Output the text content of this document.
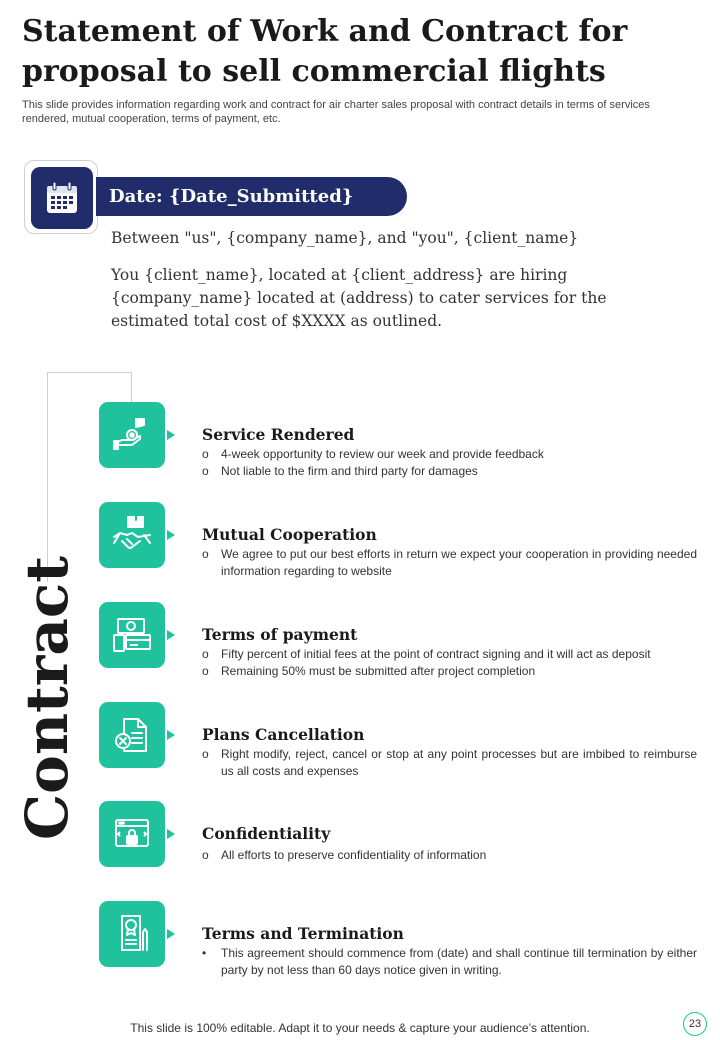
Statement of Work and Contract for proposal to sell commercial flights
This slide provides information regarding work and contract for air charter sales proposal with contract details in terms of services rendered, mutual cooperation, terms of payment, etc.
Date: {Date_Submitted}
Between "us", {company_name}, and "you", {client_name}
You {client_name}, located at {client_address} are hiring {company_name} located at (address) to cater services for the estimated total cost of $XXXX as outlined.
Contract
Service Rendered
o 4-week opportunity to review our week and provide feedback
o Not liable to the firm and third party for damages
Mutual Cooperation
o We agree to put our best efforts in return we expect your cooperation in providing needed information regarding to website
Terms of payment
o Fifty percent of initial fees at the point of contract signing and it will act as deposit
o Remaining 50% must be submitted after project completion
Plans Cancellation
o Right modify, reject, cancel or stop at any point processes but are imbibed to reimburse us all costs and expenses
Confidentiality
o All efforts to preserve confidentiality of information
Terms and Termination
• This agreement should commence from (date) and shall continue till termination by either party by not less than 60 days notice given in writing.
This slide is 100% editable. Adapt it to your needs & capture your audience’s attention.	23
